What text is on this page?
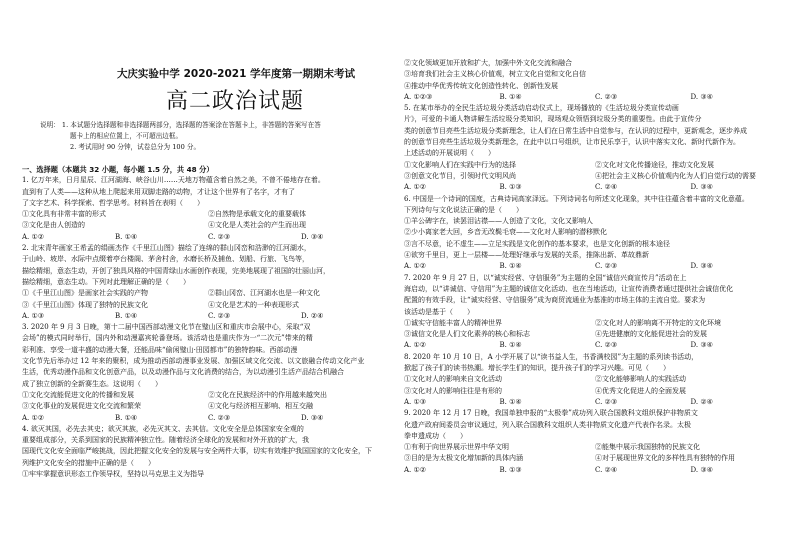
大庆实验中学 2020-2021 学年度第一期期末考试
高二政治试题
说明： 1. 本试题分选择题和非选择题两部分，选择题的答案涂在答题卡上，非答题的答案写在答
题卡上的相应位置上，不可超出边框。
2. 考试用时 90 分钟，试卷总分为 100 分。
一、选择题（本题共 32 小题，每小题 1.5 分，共 48 分）
1. 亿万年来，日月星辰、江河湖海、峡谷山川……天地万物蕴含着自然之美，不曾不倦地存在着。
直到有了人类——这种从地上爬起来用双脚走路的动物，才让这个世界有了名字，才有了
了文字艺术、科学探索、哲学思考。材料旨在表明（　　）
①文化具有非常丰富的形式	②自然物是承载文化的重要载体
③文化是由人创造的	④文化是人类社会的产生而出现
A. ①②	B. ①④	C. ②③	D. ③④
2. 北宋青年画家王希孟的绢画杰作《千里江山图》描绘了连绵的群山冈峦和浩渺的江河湖水，
于山岭、坡岸、水际中点缀着亭台楼阁、茅舍村舍，水磨长桥及捕鱼、划船、行旅、飞鸟等，
描绘精细，意态生动，开创了独具风格的中国青绿山水画创作表现，完美地展现了祖国的壮丽山河，
描绘精细，意态生动。下列对此理解正确的是（　　）
①《千里江山图》是画家社会实践的产物	②群山冈峦、江河湖水也是一种文化
③《千里江山图》体现了独特的民族文化	④文化是艺术的一种表现形式
A. ①③	B. ①④	C. ②③	D. ②④
3. 2020 年 9 月 3 日晚，第十二届中国西部动漫文化节在璧山区和重庆市会展中心，采取“双
会场”的模式同时举行，国内外和动漫嘉宾轮番登场。该活动也是重庆作为一“二次元”带来的精
彩利准、享受一道丰盛的动漫大餐，还能品味“偷闲璧山·田园都市”的独特韵味。西部动漫
文化节先后举办过 12 年来的聚积，成为推动西部动漫事业发展、加强区域文化交流、以文旅融合传动文化产业
生活，优秀动漫作品和文化创意产品，以及动漫作品与文化消费的结合，为以动漫引生活产品结合机融合
成了独立创新的全新赛生态。这说明（　　）
①文化交流能促进文化的传播和发展	②文化在民族经济中的作用越来越突出
③文化事业的发展促进文化交流和繁荣	④文化与经济相互影响、相互交融
A. ①②	B. ①④	C. ②③	D. ③④
4. 欲灭其国，必先去其史；欲灭其族，必先灭其文、去其信。文化安全是总体国家安全观的
重要组成部分，关系到国家的民族精神独立性。随着经济全球化的发展和对外开放的扩大，我
国现代文化安全面临严峻挑战，因此把握文化安全的发展与安全两件大事，切实有效维护我国国家的文化安全，下
列维护文化安全的措施中正确的是（　　）
①牢牢掌握意识形态工作领导权，坚持以马克思主义为指导
②文化领域更加开放和扩大，加强中外文化交流和融合
③培育我们社会主义核心价值观，树立文化自觉和文化自信
④推动中华优秀传统文化创造性转化、创新性发展
A. ①②③	B. ①④	C. ②③	D. ③④
5. 在某市举办的全民生活垃圾分类活动启动仪式上，现场播放的《生活垃圾分类宣传动画
片》，可爱的卡通人物讲解生活垃圾分类知识，现场观众领悟到垃圾分类的重要性。由此于宣传分
类的创意节目亮些生活垃圾分类新理念，让人们在日常生活中自觉参与，在认识的过程中，更新观念，逐步养成
的创意节目亮些生活垃圾分类新理念，在此中以口号组织，让市民乐享于，认识中落实文化、新时代新作为。
上述活动的开展说明（　　）
①文化影响人们在实践中行为的选择	②文化对文化传播途径，推动文化发展
③创意文化节目，引领时代文明风尚	④把社会主义核心价值观内化为人们自觉行动的需要
A. ①②	B. ①③	C. ②④	D. ③④
6. 中国是一个诗词的国度，古典诗词高家泽远。下列诗词名句所述文化现象，其中往往蕴含着丰富的文化意蕴。
下列诗句与文化说法正确的是（　　）
①羊公碑字在，读罢泪沾襟——人创造了文化，文化又影响人
②少小离家老大回，乡音无改鬓毛衰——文化对人影响的潜移默化
③言不尽意，论不虚生——立足实践是文化创作的基本要求，也是文化创新的根本途径
④欲穷千里目，更上一层楼——处理好继承与发展的关系，推陈出新、革故鼎新
A. ①②	B. ①④	C. ②③	D. ③④
7. 2020 年 9 月 27 日，以“诚实经营、守信服务”为主题的全国“诚信兴商宣传月”活动在上
海启动，以“讲诚信、守信用”为主题的诚信文化活动、也在当地活动，让宣传消费者通过提供社会诚信优化
配置的有效手段，让“诚实经营、守信服务”成为商贸流通业为基准的市场主体的主流自觉。要求为
该活动是基于（　　）
①诚实守信能丰富人的精神世界	②文化对人的影响离不开特定的文化环境
③诚信文化是人们文化素养的核心和标志	④先进健康的文化能促进社会的发展
A. ①②	B. ①④	C. ②③	D. ③④
8. 2020 年 10 月 10 日，A 小学开展了以“读书益人生，书香满校园”为主题的系列读书活动，
掀起了孩子们的读书热潮。增长学生们的知识，提升孩子们的学习兴趣。可见（　　）
①文化对人的影响来自文化活动	②文化能够影响人的实践活动
③文化对人的影响往往是有形的	④优秀文化促进人的全面发展
A. ①③	B. ①④	C. ②③	D. ②④
9. 2020 年 12 月 17 日晚，我国单独申报的“太极拳”成功列入联合国教科文组织保护非物质文
化遗产政府间委员会审议通过，列入联合国教科文组织人类非物质文化遗产代表作名录。太极
拳申遗成功（　　）
①有利于向世界展示世界中华文明	②能集中展示我国独特的民族文化
③目的是为太极文化增加新的具体内涵	④对于展现世界文化的多样性具有独特的作用
A. ①②	B. ①③	C. ②④	D. ③④
